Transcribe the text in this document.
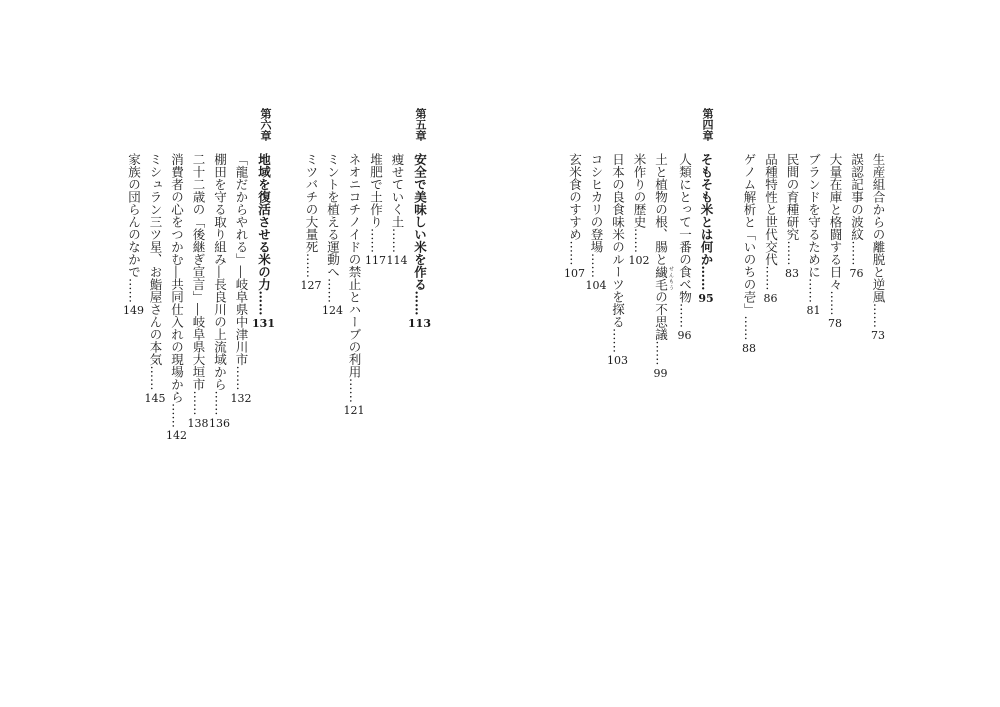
生産組合からの離脱と逆風……73
誤認記事の波紋……76
大量在庫と格闘する日々……78
ブランドを守るために……81
民間の育種研究……83
品種特性と世代交代……86
ゲノム解析と「いのちの壱」……88
第四章
そもそも米とは何か……95
人類にとって一番の食べ物……96
土と植物の根、腸と繊毛 せんもうの不思議……99
米作りの歴史……102
日本の良食味米のルーツを探る……103
コシヒカリの登場……104
玄米食のすすめ……107
第五章
安全で美味しい米を作る……113
痩せていく土……114
堆肥で土作り……117
ネオニコチノイドの禁止とハーブの利用……121
ミントを植える運動へ……124
ミツバチの大量死……127
第六章
地域を復活させる米の力……131
「龍だからやれる」―岐阜県中津川市……132
棚田を守る取り組み―長良川の上流域から……136
二十二歳の「後継ぎ宣言」―岐阜県大垣市……138
消費者の心をつかむ―共同仕入れの現場から……142
ミシュラン三ツ星、お鮨屋さんの本気……145
家族の団らんのなかで……149
